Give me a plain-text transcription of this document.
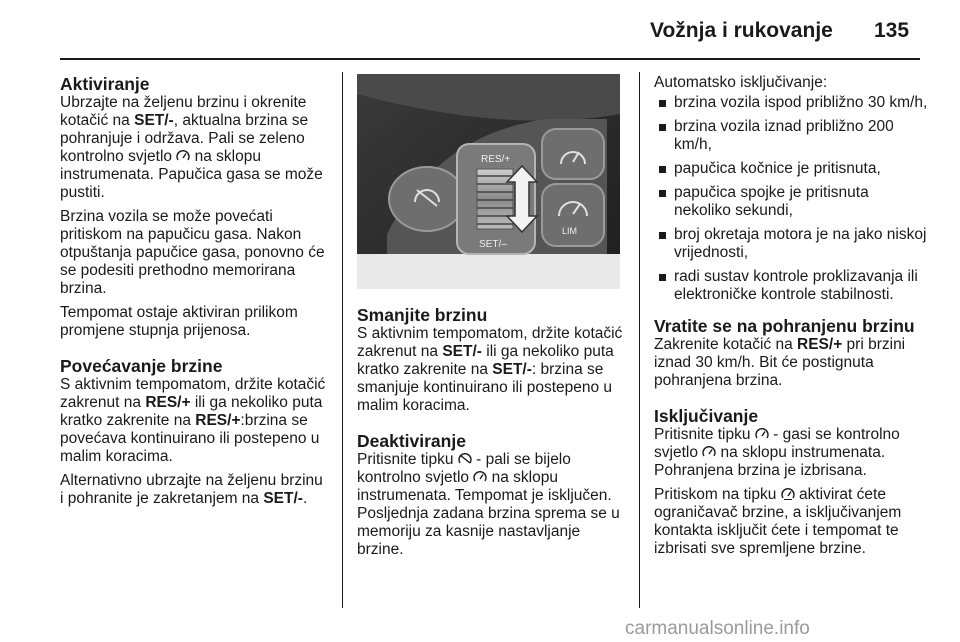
Vožnja i rukovanje 135
Aktiviranje

Ubrzajte na željenu brzinu i okrenite kotačić na SET/-, aktualna brzina se pohranjuje i održava. Pali se zeleno kontrolno svjetlo
na sklopu instrumenata. Papučica gasa se može pustiti.

Brzina vozila se može povećati pritiskom na papučicu gasa. Nakon otpuštanja papučice gasa, ponovno će se podesiti prethodno memorirana brzina.

Tempomat ostaje aktiviran prilikom promjene stupnja prijenosa.

Povećavanje brzine

S aktivnim tempomatom, držite kotačić zakrenut na RES/+ ili ga nekoliko puta kratko zakrenite na RES/+:brzina se povećava kontinuirano ili postepeno u malim koracima.

Alternativno ubrzajte na željenu brzinu i pohranite je zakretanjem na SET/-.

RES/+
SET/–
LIM
Smanjite brzinu

S aktivnim tempomatom, držite kotačić zakrenut na SET/- ili ga nekoliko puta kratko zakrenite na SET/-: brzina se smanjuje kontinuirano ili postepeno u malim koracima.

Deaktiviranje

Pritisnite tipku
- pali se bijelo kontrolno svjetlo
na sklopu instrumenata. Tempomat je isključen. Posljednja zadana brzina sprema se u memoriju za kasnije nastavljanje brzine.

Automatsko isključivanje:

brzina vozila ispod približno 30 km/h,
brzina vozila iznad približno 200 km/h,
papučica kočnice je pritisnuta,
papučica spojke je pritisnuta nekoliko sekundi,
broj okretaja motora je na jako niskoj vrijednosti,
radi sustav kontrole proklizavanja ili elektroničke kontrole stabilnosti.
Vratite se na pohranjenu brzinu

Zakrenite kotačić na RES/+ pri brzini iznad 30 km/h. Bit će postignuta pohranjena brzina.

Isključivanje

Pritisnite tipku
- gasi se kontrolno svjetlo
na sklopu instrumenata. Pohranjena brzina je izbrisana.

Pritiskom na tipku
aktivirat ćete ograničavač brzine, a isključivanjem kontakta isključit ćete i tempomat te izbrisati sve spremljene brzine.

carmanualsonline.info
